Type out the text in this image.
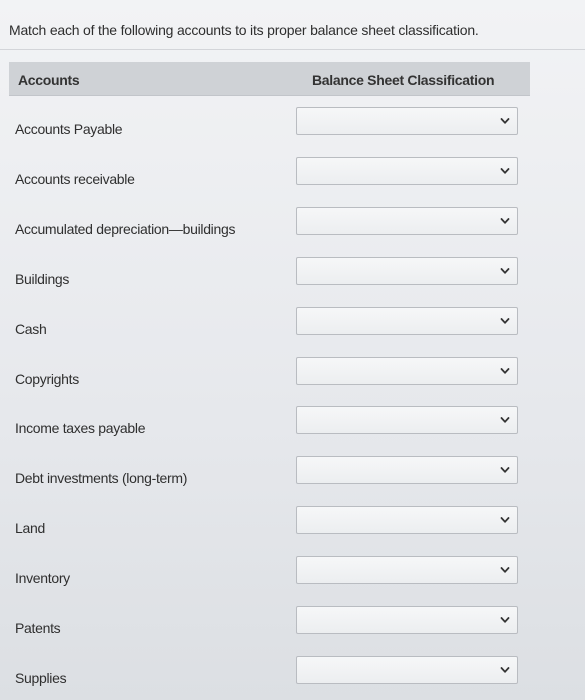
Match each of the following accounts to its proper balance sheet classification.
Accounts	Balance Sheet Classification
Accounts Payable
Accounts receivable
Accumulated depreciation—buildings
Buildings
Cash
Copyrights
Income taxes payable
Debt investments (long-term)
Land
Inventory
Patents
Supplies
